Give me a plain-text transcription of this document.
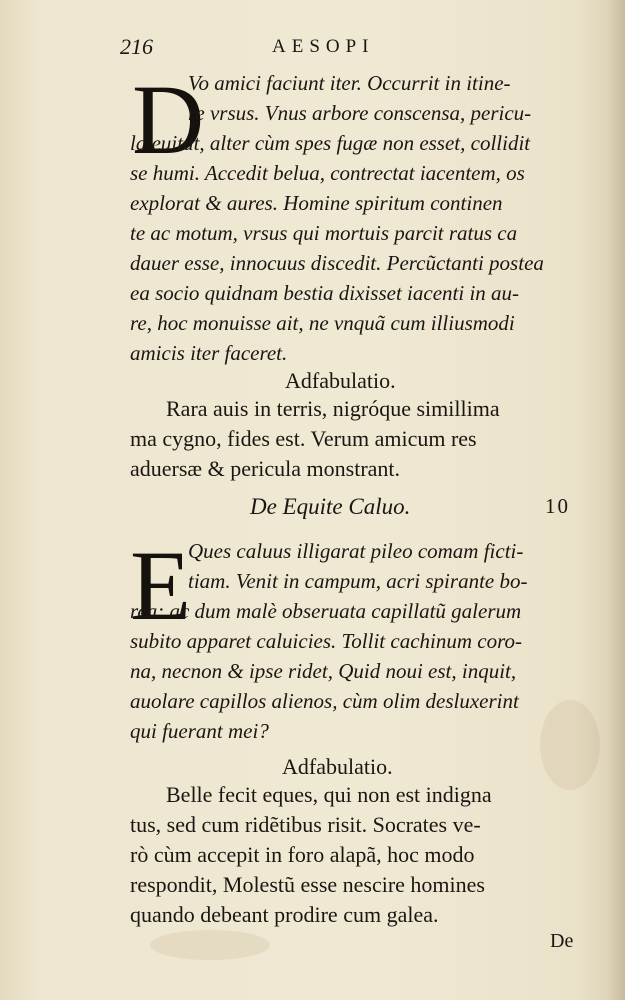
216	AESOPI
D
Vo amici faciunt iter. Occurrit in itine-
re vrsus. Vnus arbore conscensa, pericu-
la euitat, alter cùm spes fugæ non esset, collidit
se humi. Accedit belua, contrectat iacentem, os
explorat & aures. Homine spiritum continen
te ac motum, vrsus qui mortuis parcit ratus ca
dauer esse, innocuus discedit. Percũctanti postea
ea socio quidnam bestia dixisset iacenti in au-
re, hoc monuisse ait, ne vnquã cum illiusmodi
amicis iter faceret.
Adfabulatio.
Rara auis in terris, nigróque simillima
ma cygno, fides est. Verum amicum res
aduersæ & pericula monstrant.
De Equite Caluo.	10
E
Ques caluus illigarat pileo comam ficti-
tiam. Venit in campum, acri spirante bo-
rea: ac dum malè obseruata capillatũ galerum
subito apparet caluicies. Tollit cachinum coro-
na, necnon & ipse ridet, Quid noui est, inquit,
auolare capillos alienos, cùm olim desluxerint
qui fuerant mei?
Adfabulatio.
Belle fecit eques, qui non est indigna
tus, sed cum ridẽtibus risit. Socrates ve-
rò cùm accepit in foro alapã, hoc modo
respondit, Molestũ esse nescire homines
quando debeant prodire cum galea.
De
